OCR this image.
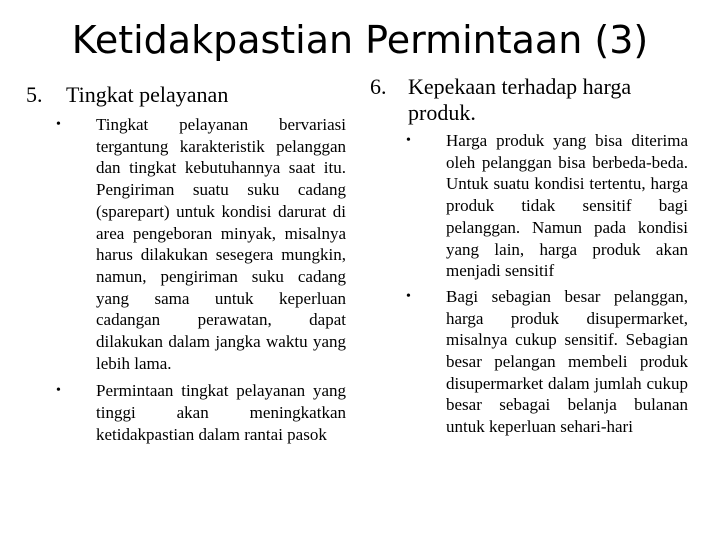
Ketidakpastian Permintaan (3)
5.	Tingkat pelayanan
•	Tingkat pelayanan bervariasi tergantung karakteristik pelanggan dan tingkat kebutuhannya saat itu. Pengiriman suatu suku cadang (sparepart) untuk kondisi darurat di area pengeboran minyak, misalnya harus dilakukan sesegera mungkin, namun, pengiriman suku cadang yang sama untuk keperluan cadangan perawatan, dapat dilakukan dalam jangka waktu yang lebih lama.
•	Permintaan tingkat pelayanan yang tinggi akan meningkatkan ketidakpastian dalam rantai pasok
6. Kepekaan terhadap harga produk.
•	Harga produk yang bisa diterima oleh pelanggan bisa berbeda-beda. Untuk suatu kondisi tertentu, harga produk tidak sensitif bagi pelanggan. Namun pada kondisi yang lain, harga produk akan menjadi sensitif
•	Bagi sebagian besar pelanggan, harga produk disupermarket, misalnya cukup sensitif. Sebagian besar pelangan membeli produk disupermarket dalam jumlah cukup besar sebagai belanja bulanan untuk keperluan sehari-hari
